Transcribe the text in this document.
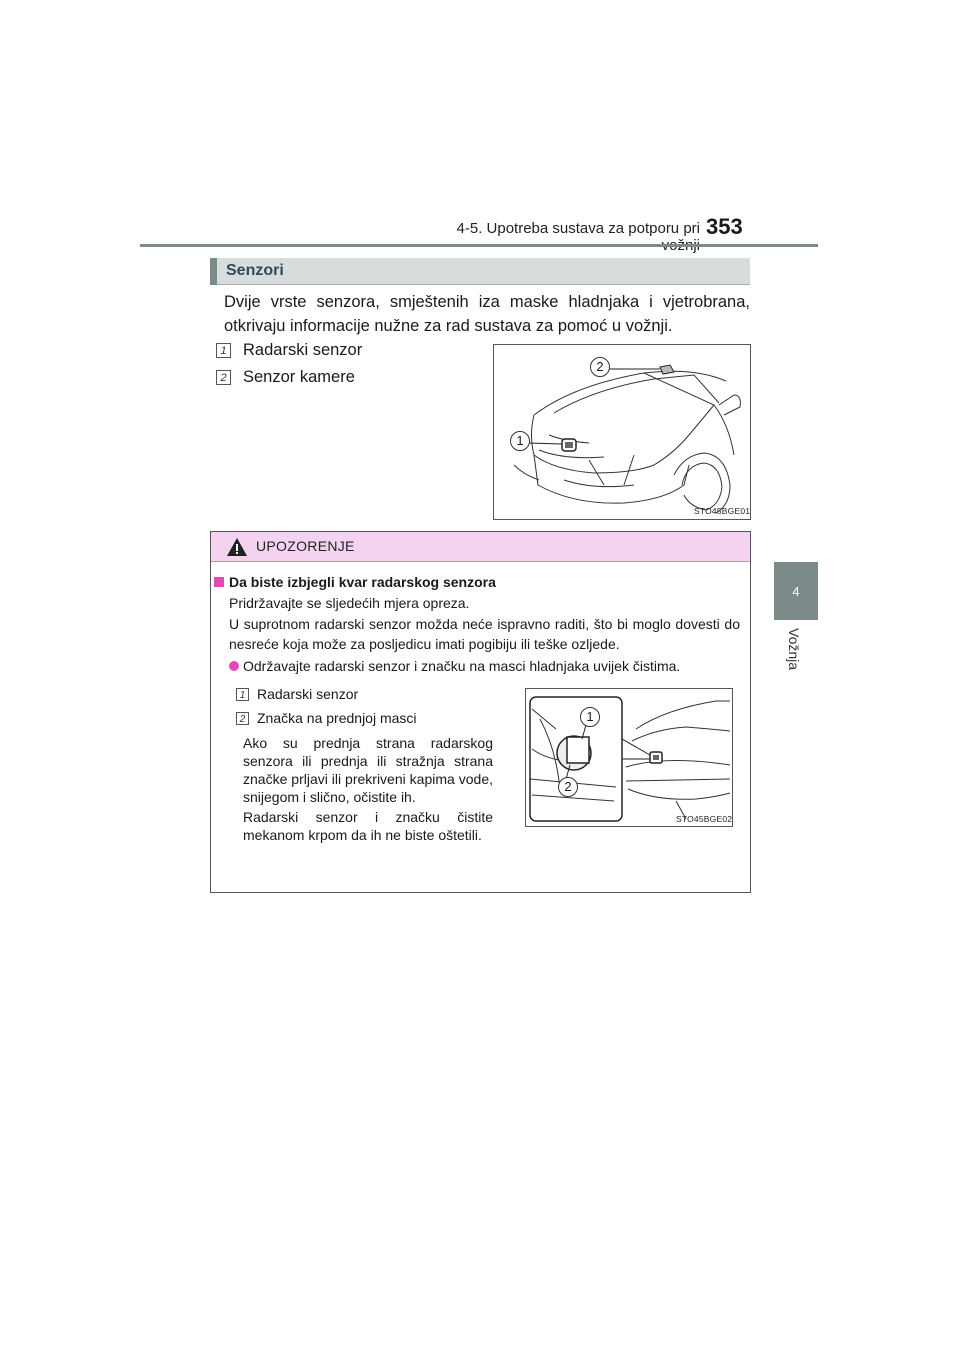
4-5. Upotreba sustava za potporu pri 353
4
Vožnja
Senzori
Dvije vrste senzora, smještenih iza maske hladnjaka i vjetrobrana, otkrivaju informacije nužne za rad sustava za pomoć u vožnji.
1 Radarski senzor
2 Senzor kamere
1
2
STO45BGE01
UPOZORENJE
Da biste izbjegli kvar radarskog senzora
Pridržavajte se sljedećih mjera opreza.
U suprotnom radarski senzor možda neće ispravno raditi, što bi moglo dovesti do nesreće koja može za posljedicu imati pogibiju ili teške ozljede.
Održavajte radarski senzor i značku na masci hladnjaka uvijek čistima.
1 Radarski senzor
2 Značka na prednjoj masci
Ako su prednja strana radarskog senzora ili prednja ili stražnja strana značke prljavi ili prekriveni kapima vode, snijegom i slično, očistite ih.
Radarski senzor i značku čistite mekanom krpom da ih ne biste oštetili.
1
2
STO45BGE02
